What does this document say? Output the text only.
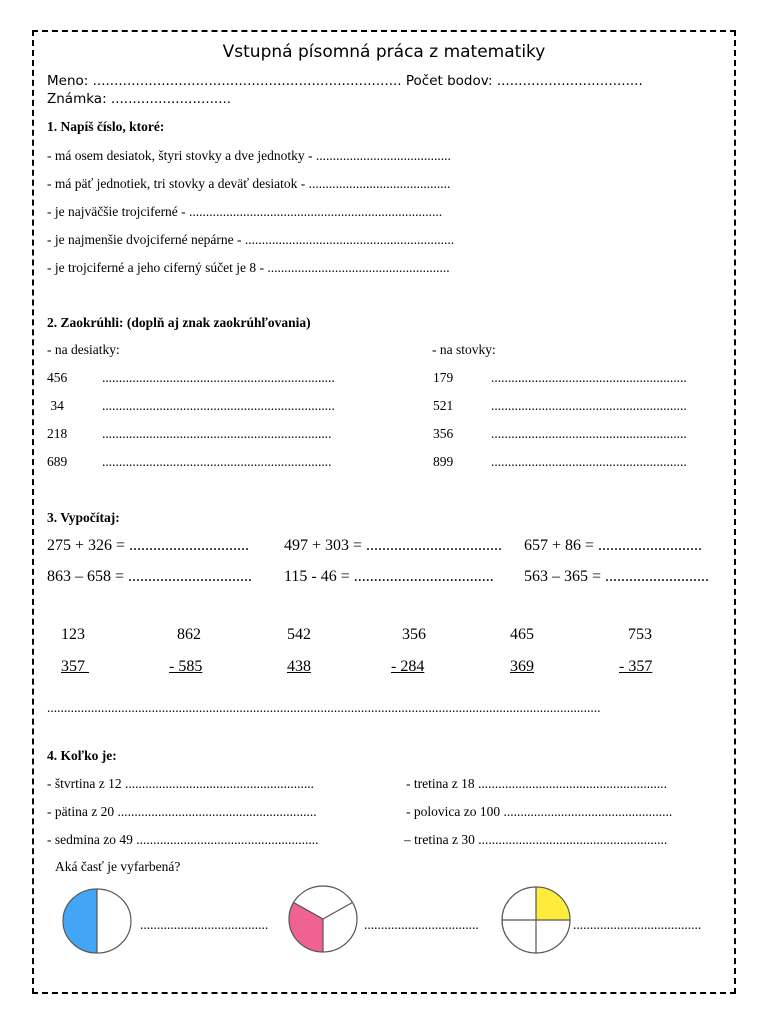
Vstupná písomná práca z matematiky
Meno: ........................................................................ Počet bodov: ..................................
Známka: ............................
1. Napíš číslo, ktoré:
- má osem desiatok, štyri stovky a dve jednotky - ........................................
- má päť jednotiek, tri stovky a deväť desiatok - ..........................................
- je najväčšie trojciferné - ...........................................................................
- je najmenšie dvojciferné nepárne - ..............................................................
- je trojciferné a jeho ciferný súčet je 8 - ......................................................
2. Zaokrúhli: (doplň aj znak zaokrúhľovania)
- na desiatky:	- na stovky:
456	.....................................................................
34	.....................................................................
218	....................................................................
689	....................................................................
179	..........................................................
521	..........................................................
356	..........................................................
899	..........................................................
3. Vypočítaj:
275 + 326 = .............................. 497 + 303 = .................................. 657 + 86 = ..........................
863 – 658 = ............................... 115 - 46 = ................................... 563 – 365 = ..........................
123
357
862
- 585
542
438
356
- 284
465
369
753
- 357
....................................................................................................................................................................
4. Koľko je:
- štvrtina z 12 ........................................................
- pätina z 20 ...........................................................
- sedmina zo 49 ......................................................
- tretina z 18 ........................................................
- polovica zo 100 ..................................................
– tretina z 30 ........................................................
Aká časť je vyfarbená?
......................................	..................................	......................................
